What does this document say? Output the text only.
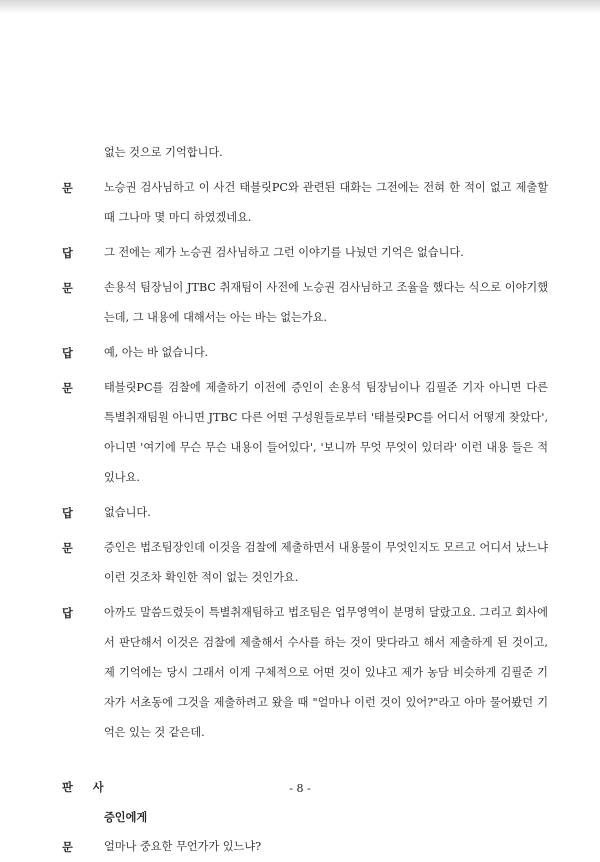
없는 것으로 기억합니다.
문	노승권 검사님하고 이 사건 태블릿PC와 관련된 대화는 그전에는 전혀 한 적이 없고 제출할 때 그나마 몇 마디 하였겠네요.
답	그 전에는 제가 노승권 검사님하고 그런 이야기를 나눴던 기억은 없습니다.
문	손용석 팀장님이 JTBC 취재팀이 사전에 노승권 검사님하고 조율을 했다는 식으로 이야기했는데, 그 내용에 대해서는 아는 바는 없는가요.
답	예, 아는 바 없습니다.
문	태블릿PC를 검찰에 제출하기 이전에 증인이 손용석 팀장님이나 김필준 기자 아니면 다른 특별취재팀원 아니면 JTBC 다른 어떤 구성원들로부터 '태블릿PC를 어디서 어떻게 찾았다', 아니면 '여기에 무슨 무슨 내용이 들어있다', '보니까 무엇 무엇이 있더라' 이런 내용 들은 적 있나요.
답	없습니다.
문	증인은 법조팀장인데 이것을 검찰에 제출하면서 내용물이 무엇인지도 모르고 어디서 났느냐 이런 것조차 확인한 적이 없는 것인가요.
답	아까도 말씀드렸듯이 특별취재팀하고 법조팀은 업무영역이 분명히 달랐고요. 그리고 회사에서 판단해서 이것은 검찰에 제출해서 수사를 하는 것이 맞다라고 해서 제출하게 된 것이고, 제 기억에는 당시 그래서 이게 구체적으로 어떤 것이 있냐고 제가 농담 비슷하게 김필준 기자가 서초동에 그것을 제출하려고 왔을 때 "얼마나 이런 것이 있어?"라고 아마 물어봤던 기억은 있는 것 같은데.
판 사
증인에게
문	얼마나 중요한 무언가가 있느냐?
- 8 -
